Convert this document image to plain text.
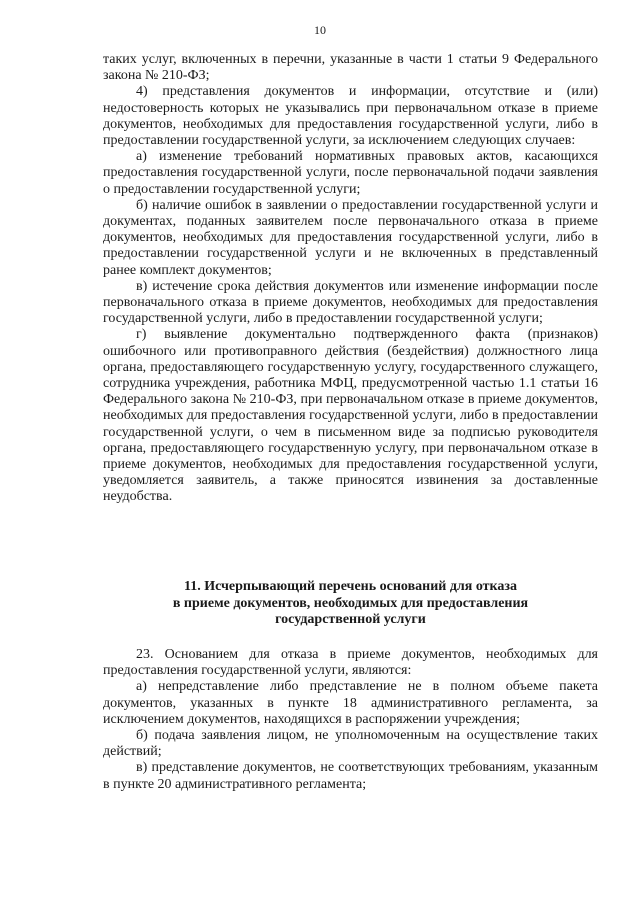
10

таких услуг, включенных в перечни, указанные в части 1 статьи 9 Федерального закона № 210-ФЗ;

4) представления документов и информации, отсутствие и (или) недостоверность которых не указывались при первоначальном отказе в приеме документов, необходимых для предоставления государственной услуги, либо в предоставлении государственной услуги, за исключением следующих случаев:

а) изменение требований нормативных правовых актов, касающихся предоставления государственной услуги, после первоначальной подачи заявления о предоставлении государственной услуги;

б) наличие ошибок в заявлении о предоставлении государственной услуги и документах, поданных заявителем после первоначального отказа в приеме документов, необходимых для предоставления государственной услуги, либо в предоставлении государственной услуги и не включенных в представленный ранее комплект документов;

в) истечение срока действия документов или изменение информации после первоначального отказа в приеме документов, необходимых для предоставления государственной услуги, либо в предоставлении государственной услуги;

г) выявление документально подтвержденного факта (признаков) ошибочного или противоправного действия (бездействия) должностного лица органа, предоставляющего государственную услугу, государственного служащего, сотрудника учреждения, работника МФЦ, предусмотренной частью 1.1 статьи 16 Федерального закона № 210-ФЗ, при первоначальном отказе в приеме документов, необходимых для предоставления государственной услуги, либо в предоставлении государственной услуги, о чем в письменном виде за подписью руководителя органа, предоставляющего государственную услугу, при первоначальном отказе в приеме документов, необходимых для предоставления государственной услуги, уведомляется заявитель, а также приносятся извинения за доставленные неудобства.

11. Исчерпывающий перечень оснований для отказа
в приеме документов, необходимых для предоставления
государственной услуги

23. Основанием для отказа в приеме документов, необходимых для предоставления государственной услуги, являются:

а) непредставление либо представление не в полном объеме пакета документов, указанных в пункте 18 административного регламента, за исключением документов, находящихся в распоряжении учреждения;

б) подача заявления лицом, не уполномоченным на осуществление таких действий;

в) представление документов, не соответствующих требованиям, указанным в пункте 20 административного регламента;
